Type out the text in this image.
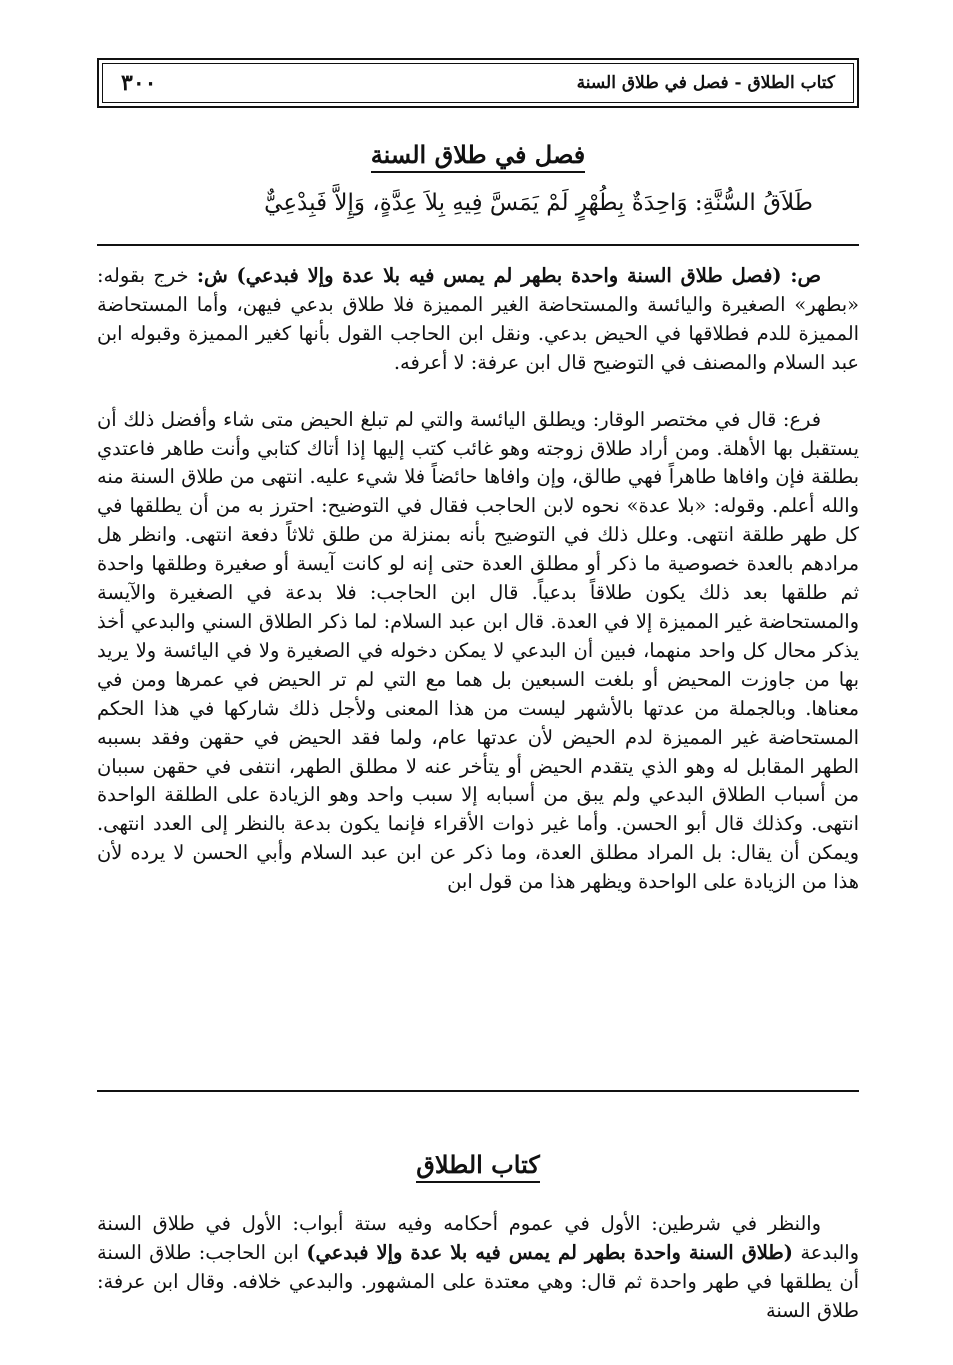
كتاب الطلاق - فصل في طلاق السنة
٣٠٠
فصل في طلاق السنة
طَلاَقُ السُّنَّةِ: وَاحِدَةٌ بِطُهْرٍ لَمْ يَمَسَّ فِيهِ بِلاَ عِدَّةٍ، وَإِلاَّ فَبِدْعِيٌّ

ص: (فصل طلاق السنة واحدة بطهر لم يمس فيه بلا عدة وإلا فبدعي) ش: خرج بقوله: «بطهر» الصغيرة واليائسة والمستحاضة الغير المميزة فلا طلاق بدعي فيهن، وأما المستحاضة المميزة للدم فطلاقها في الحيض بدعي. ونقل ابن الحاجب القول بأنها كغير المميزة وقبوله ابن عبد السلام والمصنف في التوضيح قال ابن عرفة: لا أعرفه.

فرع: قال في مختصر الوقار: ويطلق اليائسة والتي لم تبلغ الحيض متى شاء وأفضل ذلك أن يستقبل بها الأهلة. ومن أراد طلاق زوجته وهو غائب كتب إليها إذا أتاك كتابي وأنت طاهر فاعتدي بطلقة فإن وافاها طاهراً فهي طالق، وإن وافاها حائضاً فلا شيء عليه. انتهى من طلاق السنة منه والله أعلم. وقوله: «بلا عدة» نحوه لابن الحاجب فقال في التوضيح: احترز به من أن يطلقها في كل طهر طلقة انتهى. وعلل ذلك في التوضيح بأنه بمنزلة من طلق ثلاثاً دفعة انتهى. وانظر هل مرادهم بالعدة خصوصية ما ذكر أو مطلق العدة حتى إنه لو كانت آيسة أو صغيرة وطلقها واحدة ثم طلقها بعد ذلك يكون طلاقاً بدعياً. قال ابن الحاجب: فلا بدعة في الصغيرة والآيسة والمستحاضة غير المميزة إلا في العدة. قال ابن عبد السلام: لما ذكر الطلاق السني والبدعي أخذ يذكر محال كل واحد منهما، فبين أن البدعي لا يمكن دخوله في الصغيرة ولا في اليائسة ولا يريد بها من جاوزت المحيض أو بلغت السبعين بل هما مع التي لم تر الحيض في عمرها ومن في معناها. وبالجملة من عدتها بالأشهر ليست من هذا المعنى ولأجل ذلك شاركها في هذا الحكم المستحاضة غير المميزة لدم الحيض لأن عدتها عام، ولما فقد الحيض في حقهن وفقد بسببه الطهر المقابل له وهو الذي يتقدم الحيض أو يتأخر عنه لا مطلق الطهر، انتفى في حقهن سببان من أسباب الطلاق البدعي ولم يبق من أسبابه إلا سبب واحد وهو الزيادة على الطلقة الواحدة انتهى. وكذلك قال أبو الحسن. وأما غير ذوات الأقراء فإنما يكون بدعة بالنظر إلى العدد انتهى. ويمكن أن يقال: بل المراد مطلق العدة، وما ذكر عن ابن عبد السلام وأبي الحسن لا يرده لأن هذا من الزيادة على الواحدة ويظهر هذا من قول ابن

كتاب الطلاق

والنظر في شرطين: الأول في عموم أحكامه وفيه ستة أبواب: الأول في طلاق السنة والبدعة (طلاق السنة واحدة بطهر لم يمس فيه بلا عدة وإلا فبدعي) ابن الحاجب: طلاق السنة أن يطلقها في طهر واحدة ثم قال: وهي معتدة على المشهور. والبدعي خلافه. وقال ابن عرفة: طلاق السنة
